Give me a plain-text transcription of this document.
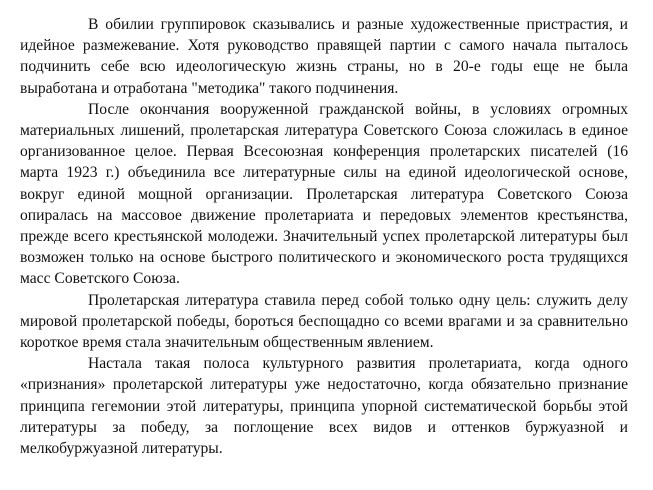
В обилии группировок сказывались и разные художественные пристрастия, и идейное размежевание. Хотя руководство правящей партии с самого начала пыталось подчинить себе всю идеологическую жизнь страны, но в 20-е годы еще не была выработана и отработана "методика" такого подчинения.

После окончания вооруженной гражданской войны, в условиях огромных материальных лишений, пролетарская литература Советского Союза сложилась в единое организованное целое. Первая Всесоюзная конференция пролетарских писателей (16 марта 1923 г.) объединила все литературные силы на единой идеологической основе, вокруг единой мощной организации. Пролетарская литература Советского Союза опиралась на массовое движение пролетариата и передовых элементов крестьянства, прежде всего крестьянской молодежи. Значительный успех пролетарской литературы был возможен только на основе быстрого политического и экономического роста трудящихся масс Советского Союза.

Пролетарская литература ставила перед собой только одну цель: служить делу мировой пролетарской победы, бороться беспощадно со всеми врагами и за сравнительно короткое время стала значительным общественным явлением.

Настала такая полоса культурного развития пролетариата, когда одного «признания» пролетарской литературы уже недостаточно, когда обязательно признание принципа гегемонии этой литературы, принципа упорной систематической борьбы этой литературы за победу, за поглощение всех видов и оттенков буржуазной и мелкобуржуазной литературы.
